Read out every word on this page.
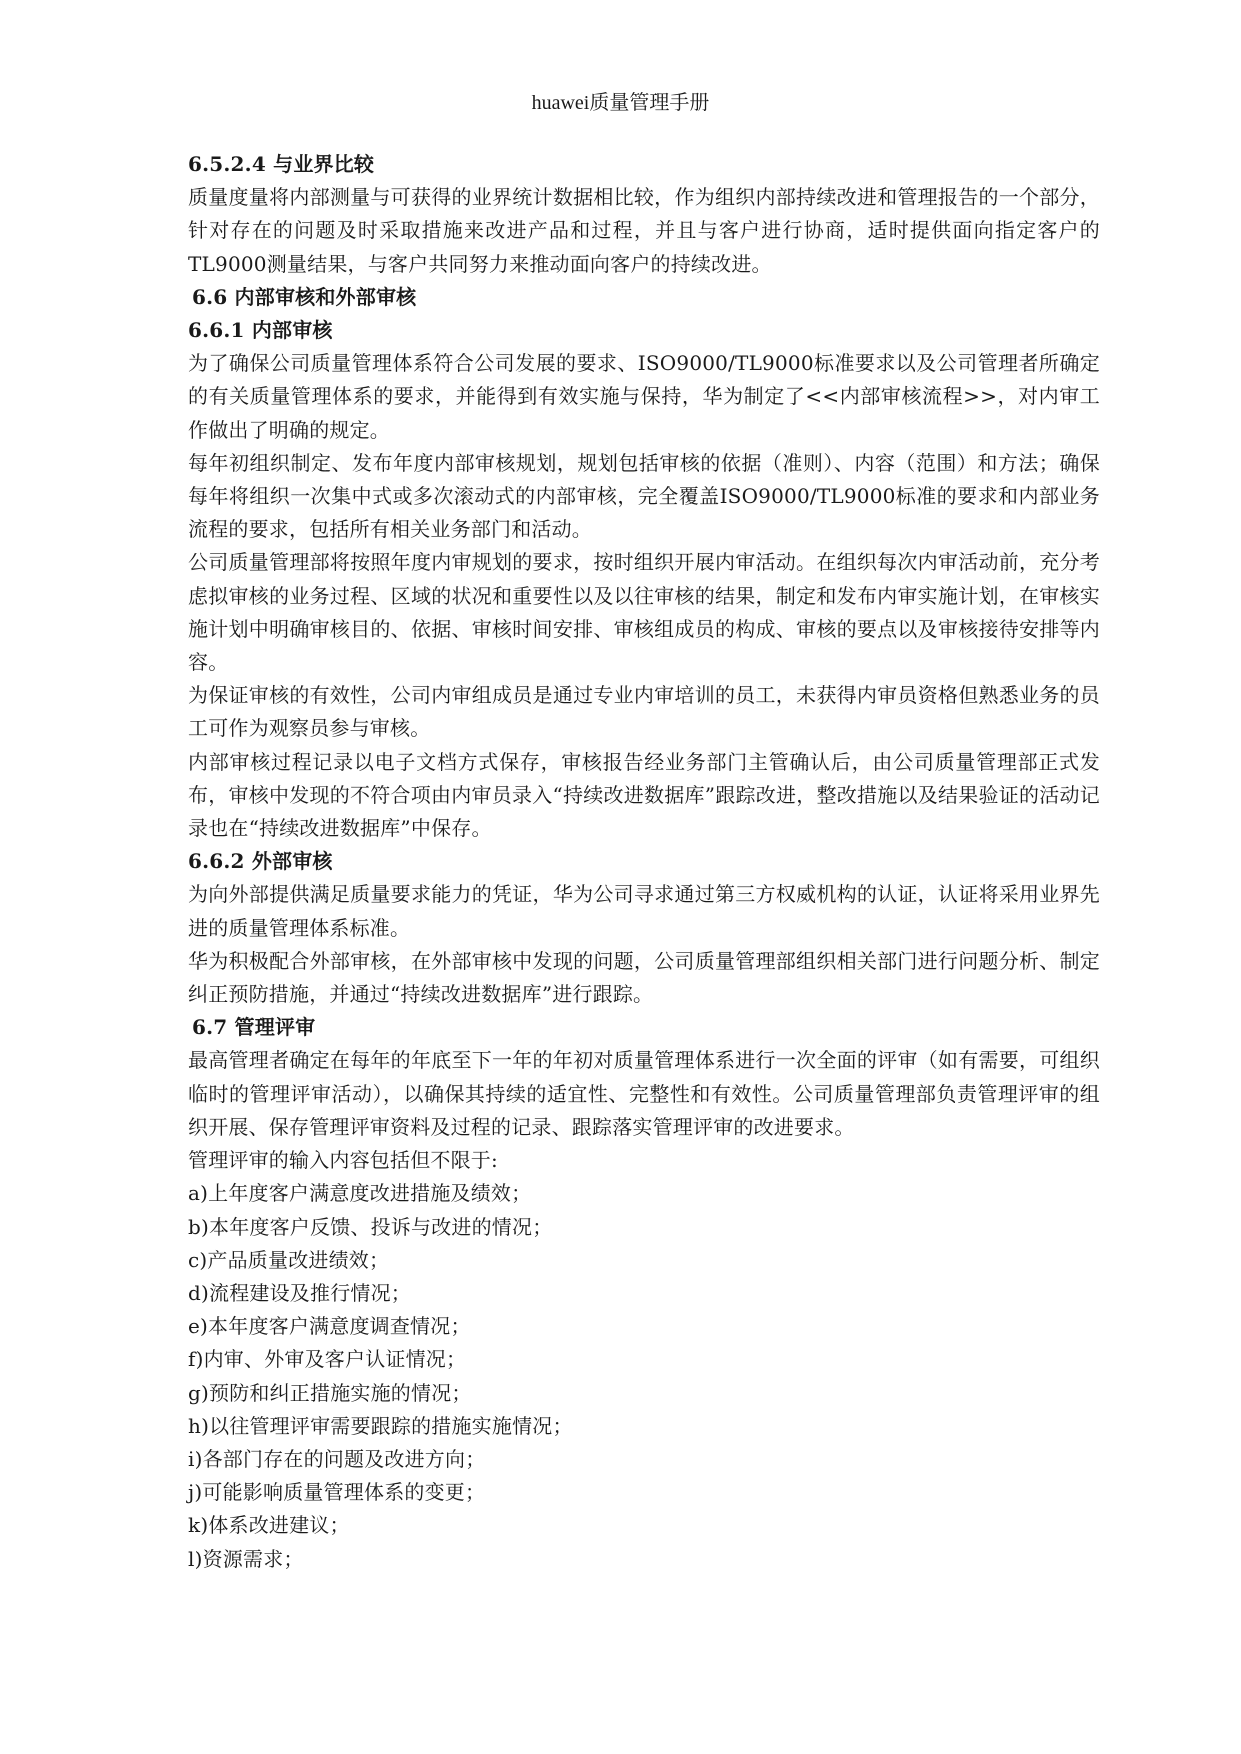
huawei质量管理手册
6.5.2.4 与业界比较

质量度量将内部测量与可获得的业界统计数据相比较，作为组织内部持续改进和管理报告的一个部分，针对存在的问题及时采取措施来改进产品和过程，并且与客户进行协商，适时提供面向指定客户的TL9000测量结果，与客户共同努力来推动面向客户的持续改进。

6.6 内部审核和外部审核
6.6.1 内部审核

为了确保公司质量管理体系符合公司发展的要求、ISO9000/TL9000标准要求以及公司管理者所确定的有关质量管理体系的要求，并能得到有效实施与保持，华为制定了<<内部审核流程>>，对内审工作做出了明确的规定。

每年初组织制定、发布年度内部审核规划，规划包括审核的依据（准则）、内容（范围）和方法；确保每年将组织一次集中式或多次滚动式的内部审核，完全覆盖ISO9000/TL9000标准的要求和内部业务流程的要求，包括所有相关业务部门和活动。

公司质量管理部将按照年度内审规划的要求，按时组织开展内审活动。在组织每次内审活动前，充分考虑拟审核的业务过程、区域的状况和重要性以及以往审核的结果，制定和发布内审实施计划，在审核实施计划中明确审核目的、依据、审核时间安排、审核组成员的构成、审核的要点以及审核接待安排等内容。

为保证审核的有效性，公司内审组成员是通过专业内审培训的员工，未获得内审员资格但熟悉业务的员工可作为观察员参与审核。

内部审核过程记录以电子文档方式保存，审核报告经业务部门主管确认后，由公司质量管理部正式发布，审核中发现的不符合项由内审员录入“持续改进数据库”跟踪改进，整改措施以及结果验证的活动记录也在“持续改进数据库”中保存。

6.6.2 外部审核

为向外部提供满足质量要求能力的凭证，华为公司寻求通过第三方权威机构的认证，认证将采用业界先进的质量管理体系标准。

华为积极配合外部审核，在外部审核中发现的问题，公司质量管理部组织相关部门进行问题分析、制定纠正预防措施，并通过“持续改进数据库”进行跟踪。

6.7 管理评审

最高管理者确定在每年的年底至下一年的年初对质量管理体系进行一次全面的评审（如有需要，可组织临时的管理评审活动），以确保其持续的适宜性、完整性和有效性。公司质量管理部负责管理评审的组织开展、保存管理评审资料及过程的记录、跟踪落实管理评审的改进要求。

管理评审的输入内容包括但不限于:

a)上年度客户满意度改进措施及绩效；

b)本年度客户反馈、投诉与改进的情况；

c)产品质量改进绩效；

d)流程建设及推行情况；

e)本年度客户满意度调查情况；

f)内审、外审及客户认证情况；

g)预防和纠正措施实施的情况；

h)以往管理评审需要跟踪的措施实施情况；

i)各部门存在的问题及改进方向；

j)可能影响质量管理体系的变更；

k)体系改进建议；

l)资源需求；
